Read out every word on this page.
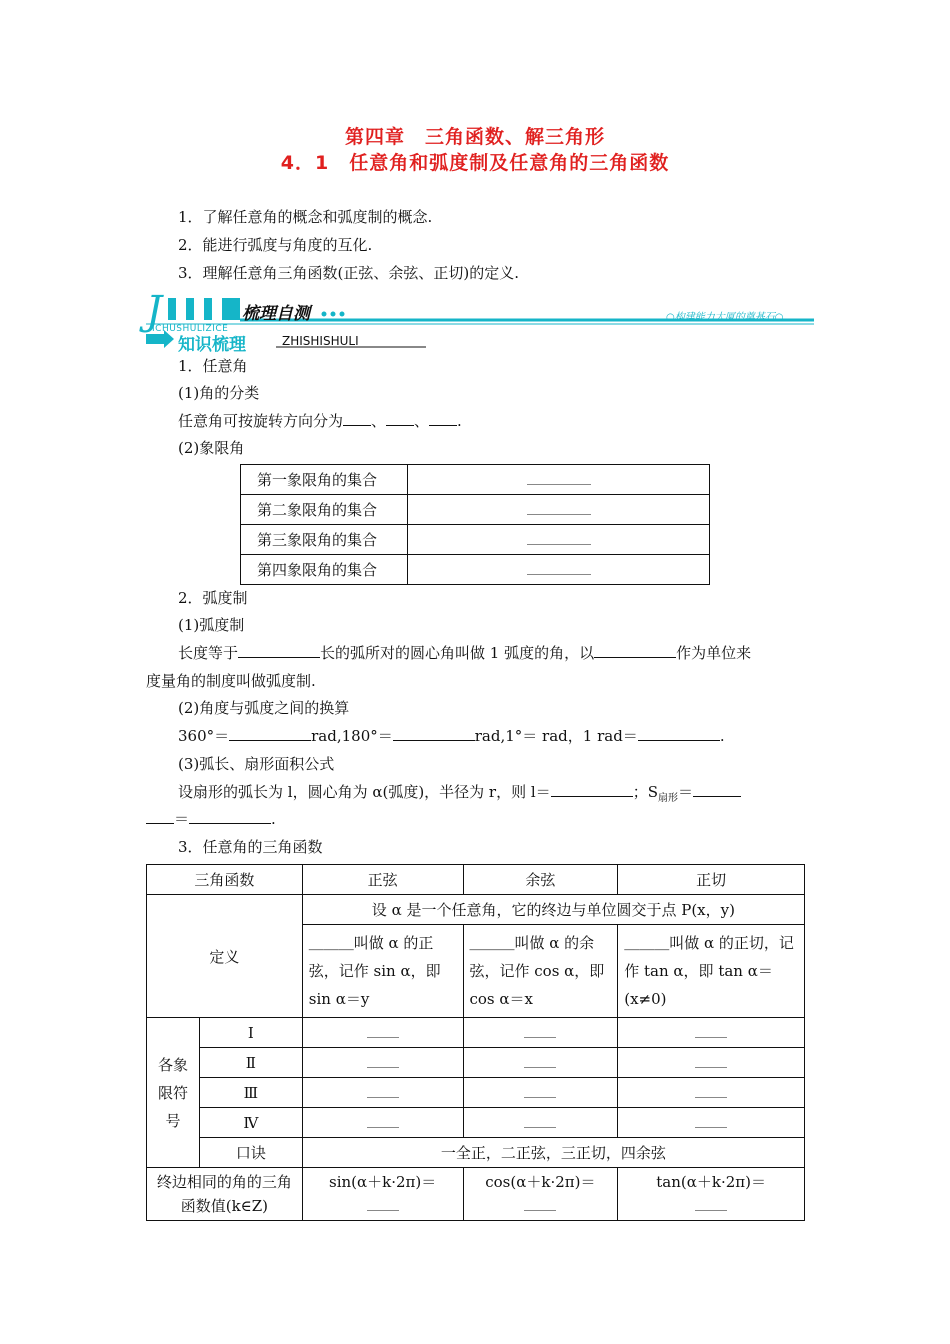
第四章　三角函数、解三角形
4．1　任意角和弧度制及任意角的三角函数
1．了解任意角的概念和弧度制的概念.
2．能进行弧度与角度的互化.
3．理解任意角三角函数(正弦、余弦、正切)的定义.
J
ICHUSHULIZICE
梳理自测	○构建能力大厦的奠基石○
知识梳理	ZHISHISHULI
1．任意角
(1)角的分类
任意角可按旋转方向分为 、 、 .
(2)象限角
第一象限角的集合	
第二象限角的集合	
第三象限角的集合	
第四象限角的集合	
2．弧度制
(1)弧度制
长度等于	长的弧所对的圆心角叫做 1 弧度的角，以	作为单位来
度量角的制度叫做弧度制.
(2)角度与弧度之间的换算
360°＝	rad,180°＝	rad,1°＝ rad，1 rad＝	.
(3)弧长、扇形面积公式
设扇形的弧长为 l，圆心角为 α(弧度)，半径为 r，则 l＝	；$S_{扇形}=$
＝	.
3．任意角的三角函数
三角函数		正弦	余弦	正切
定义		设 α 是一个任意角，它的终边与单位圆交于点 P(x，y)		
		＿＿＿叫做 α 的正弦，记作 sin α，即 sin α＝y	＿＿＿叫做 α 的余弦，记作 cos α，即 cos α＝x	＿＿＿叫做 α 的正切，记作 tan α，即 tan α＝(x≠0)
各象限符号	Ⅰ			
	Ⅱ			
	Ⅲ			
	Ⅳ			
	口诀	一全正，二正弦，三正切，四余弦		
终边相同的角的三角函数值(k∈Z)		sin(α＋k·2π)＝	cos(α＋k·2π)＝	tan(α＋k·2π)＝
